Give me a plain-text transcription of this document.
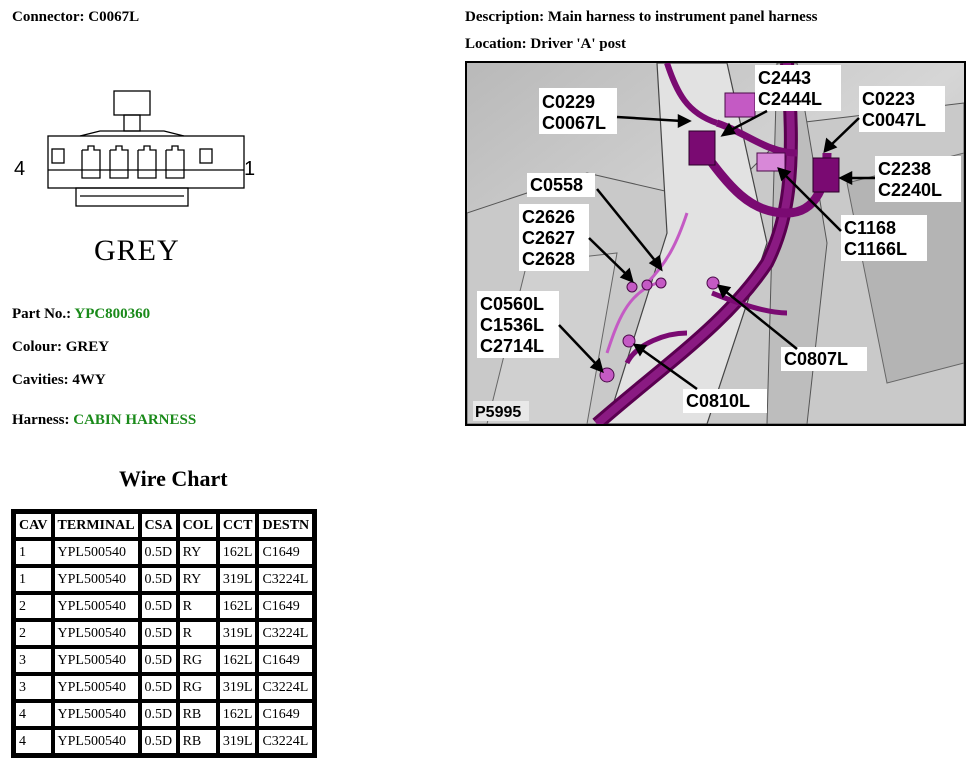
Connector: C0067L	Description: Main harness to instrument panel harness
Location: Driver 'A' post
4	1
GREY
Part No.: YPC800360
Colour: GREY
Cavities: 4WY
Harness: CABIN HARNESS
Wire Chart
CAV	TERMINAL	CSA	COL	CCT	DESTN
1	YPL500540	0.5D	RY	162L	C1649
1	YPL500540	0.5D	RY	319L	C3224L
2	YPL500540	0.5D	R	162L	C1649
2	YPL500540	0.5D	R	319L	C3224L
3	YPL500540	0.5D	RG	162L	C1649
3	YPL500540	0.5D	RG	319L	C3224L
4	YPL500540	0.5D	RB	162L	C1649
4	YPL500540	0.5D	RB	319L	C3224L
C0229
C0067L
C2443
C2444L C0223
C0047L
C2238
C2240L
C0558
C2626
C2627
C2628
C1168
C1166L
C0560L
C1536L
C2714L
C0807L
C0810L
P5995
